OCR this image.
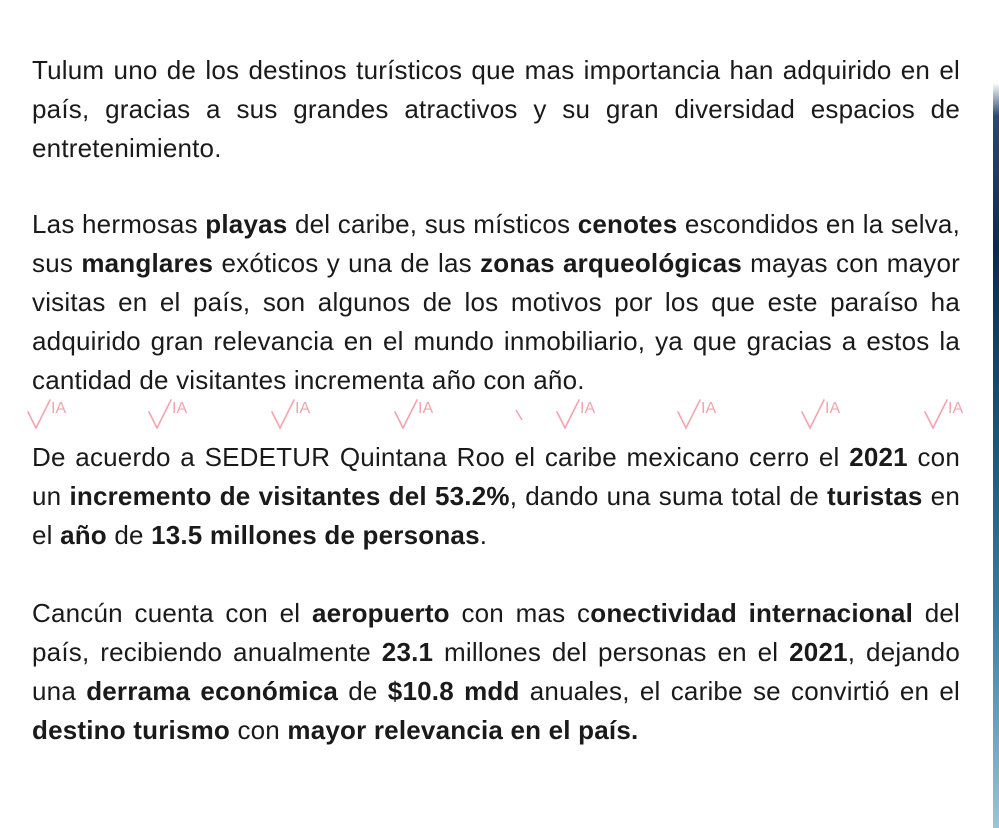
Tulum uno de los destinos turísticos que mas importancia han adquirido en el país, gracias a sus grandes atractivos y su gran diversidad espacios de entretenimiento.
Las hermosas playas del caribe, sus místicos cenotes escondidos en la selva, sus manglares exóticos y una de las zonas arqueológicas mayas con mayor visitas en el país, son algunos de los motivos por los que este paraíso ha adquirido gran relevancia en el mundo inmobiliario, ya que gracias a estos la cantidad de visitantes incrementa año con año.
IA	IA	IA	IA	IA	IA	IA	IA
De acuerdo a SEDETUR Quintana Roo el caribe mexicano cerro el 2021 con un incremento de visitantes del 53.2%, dando una suma total de turistas en el año de 13.5 millones de personas.
Cancún cuenta con el aeropuerto con mas conectividad internacional del país, recibiendo anualmente 23.1 millones del personas en el 2021, dejando una derrama económica de $10.8 mdd anuales, el caribe se convirtió en el destino turismo con mayor relevancia en el país.
